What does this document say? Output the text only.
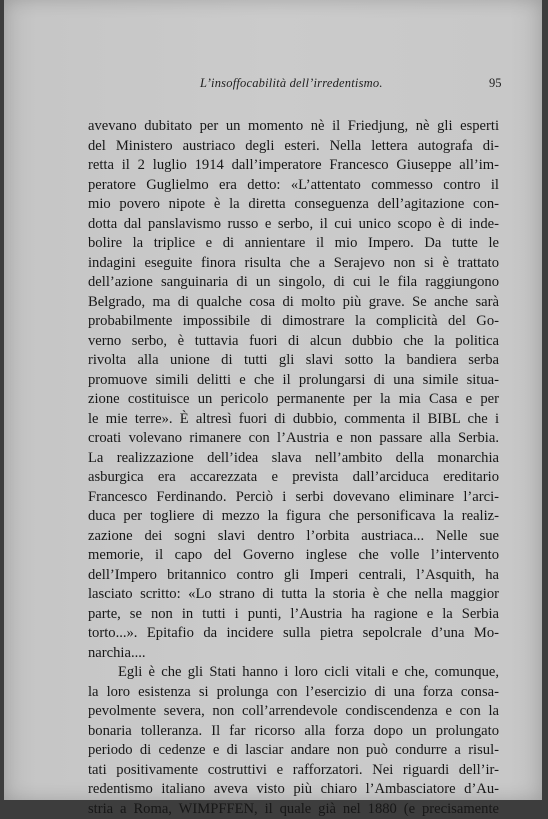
L’insoffocabilità dell’irredentismo.	95
avevano dubitato per un momento nè il Friedjung, nè gli esperti
del Ministero austriaco degli esteri. Nella lettera autografa di-
retta il 2 luglio 1914 dall’imperatore Francesco Giuseppe all’im-
peratore Guglielmo era detto: «L’attentato commesso contro il
mio povero nipote è la diretta conseguenza dell’agitazione con-
dotta dal panslavismo russo e serbo, il cui unico scopo è di inde-
bolire la triplice e di annientare il mio Impero. Da tutte le
indagini eseguite finora risulta che a Serajevo non si è trattato
dell’azione sanguinaria di un singolo, di cui le fila raggiungono
Belgrado, ma di qualche cosa di molto più grave. Se anche sarà
probabilmente impossibile di dimostrare la complicità del Go-
verno serbo, è tuttavia fuori di alcun dubbio che la politica
rivolta alla unione di tutti gli slavi sotto la bandiera serba
promuove simili delitti e che il prolungarsi di una simile situa-
zione costituisce un pericolo permanente per la mia Casa e per
le mie terre». È altresì fuori di dubbio, commenta il BIBL che i
croati volevano rimanere con l’Austria e non passare alla Serbia.
La realizzazione dell’idea slava nell’ambito della monarchia
asburgica era accarezzata e prevista dall’arciduca ereditario
Francesco Ferdinando. Perciò i serbi dovevano eliminare l’arci-
duca per togliere di mezzo la figura che personificava la realiz-
zazione dei sogni slavi dentro l’orbita austriaca... Nelle sue
memorie, il capo del Governo inglese che volle l’intervento
dell’Impero britannico contro gli Imperi centrali, l’Asquith, ha
lasciato scritto: «Lo strano di tutta la storia è che nella maggior
parte, se non in tutti i punti, l’Austria ha ragione e la Serbia
torto...». Epitafio da incidere sulla pietra sepolcrale d’una Mo-
narchia....
Egli è che gli Stati hanno i loro cicli vitali e che, comunque,
la loro esistenza si prolunga con l’esercizio di una forza consa-
pevolmente severa, non coll’arrendevole condiscendenza e con la
bonaria tolleranza. Il far ricorso alla forza dopo un prolungato
periodo di cedenze e di lasciar andare non può condurre a risul-
tati positivamente costruttivi e rafforzatori. Nei riguardi dell’ir-
redentismo italiano aveva visto più chiaro l’Ambasciatore d’Au-
stria a Roma, WIMPFFEN, il quale già nel 1880 (e precisamente
